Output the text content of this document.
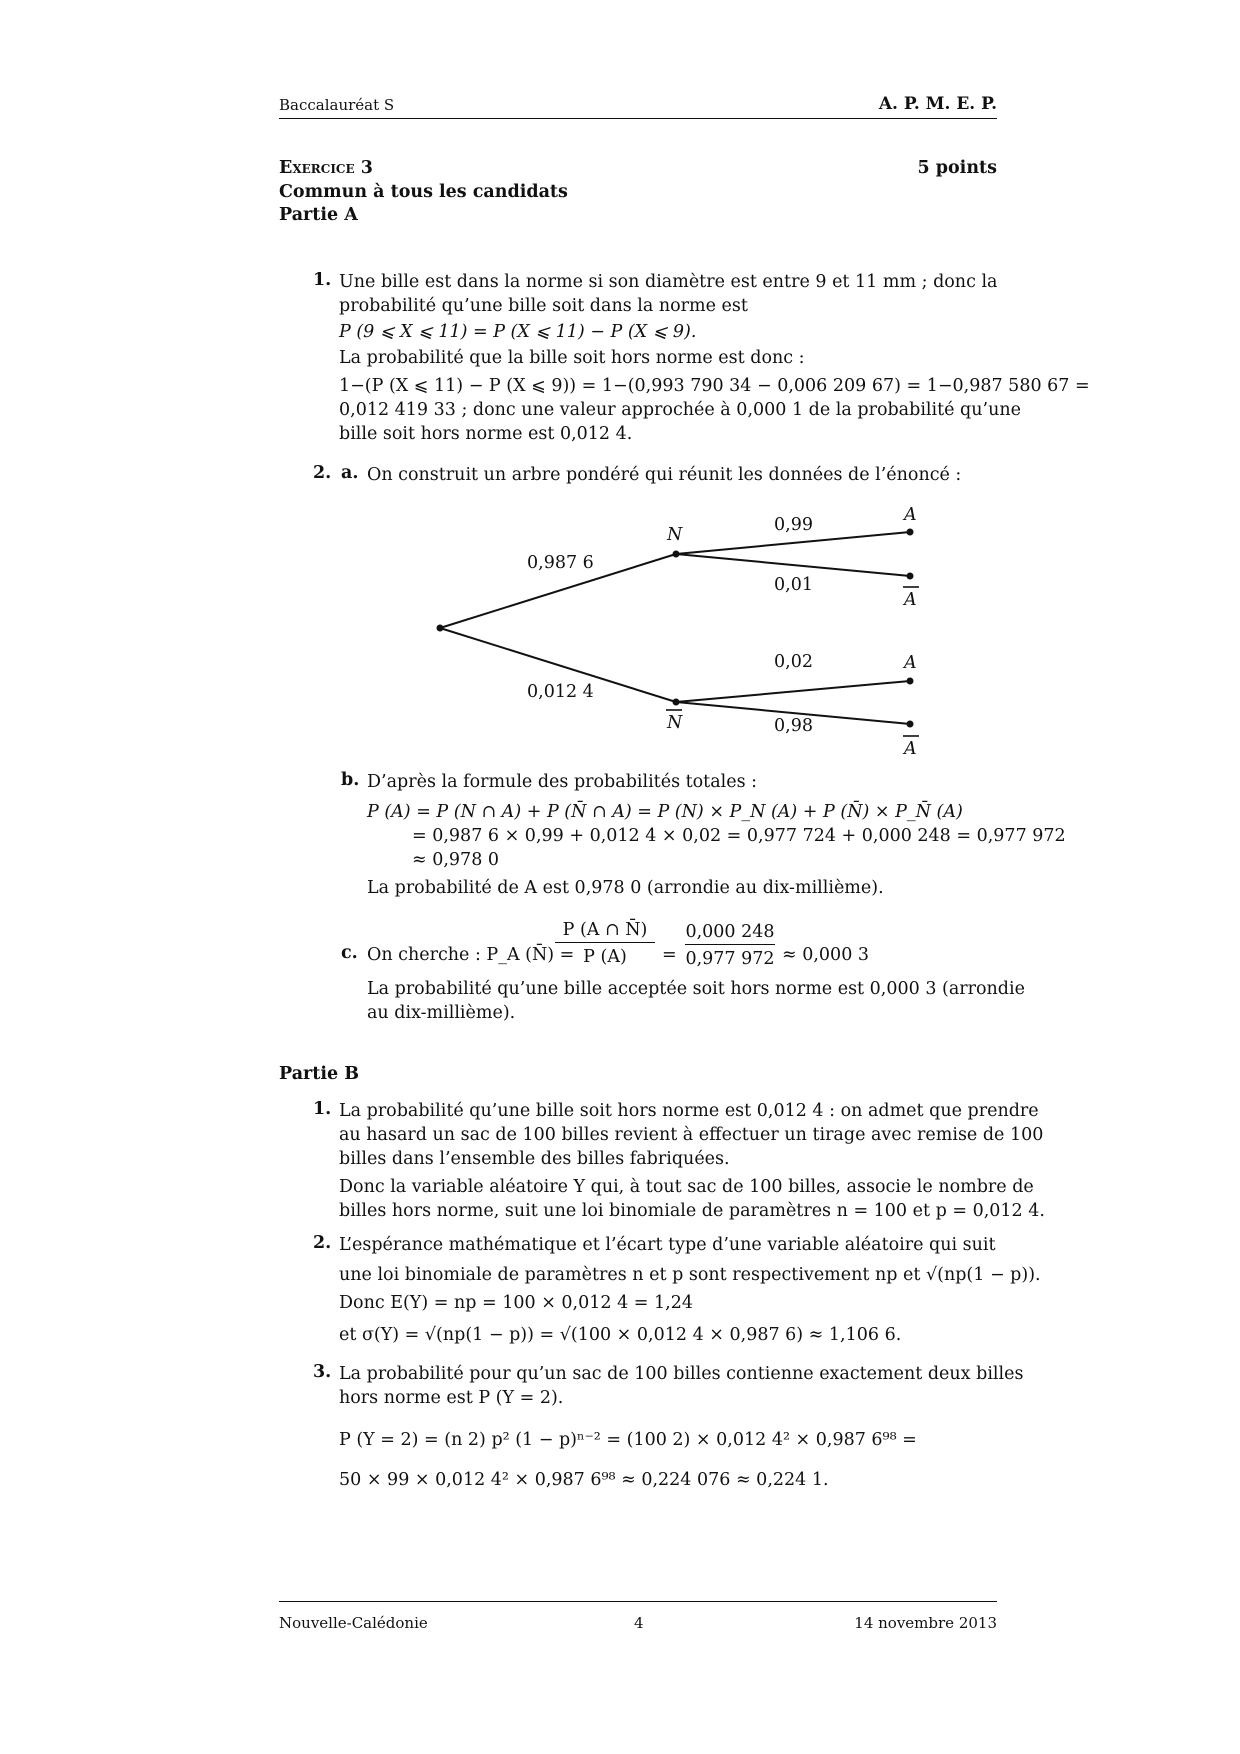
Baccalauréat S	A. P. M. E. P.
Exercice 3	5 points
Commun à tous les candidats
Partie A
1. Une bille est dans la norme si son diamètre est entre 9 et 11 mm ; donc la
probabilité qu’une bille soit dans la norme est
P (9 ⩽ X ⩽ 11) = P (X ⩽ 11) − P (X ⩽ 9).
La probabilité que la bille soit hors norme est donc :
1−(P (X ⩽ 11) − P (X ⩽ 9)) = 1−(0,993 790 34 − 0,006 209 67) = 1−0,987 580 67 =
0,012 419 33 ; donc une valeur approchée à 0,000 1 de la probabilité qu’une
bille soit hors norme est 0,012 4.
2. a. On construit un arbre pondéré qui réunit les données de l’énoncé :
0,987 6
0,012 4
0,99
0,01
0,02
0,98
N
N
A
A
A
A
b. D’après la formule des probabilités totales :
P (A) = P (N ∩ A) + P (N̄ ∩ A) = P (N) × P_N (A) + P (N̄) × P_N̄ (A)
= 0,987 6 × 0,99 + 0,012 4 × 0,02 = 0,977 724 + 0,000 248 = 0,977 972
≈ 0,978 0
La probabilité de A est 0,978 0 (arrondie au dix-millième).
c. On cherche : P_A (N̄) =
P (A ∩ N̄)
P (A)	=
0,000 248
0,977 972 ≈ 0,000 3
La probabilité qu’une bille acceptée soit hors norme est 0,000 3 (arrondie
au dix-millième).
Partie B
1. La probabilité qu’une bille soit hors norme est 0,012 4 : on admet que prendre
au hasard un sac de 100 billes revient à effectuer un tirage avec remise de 100
billes dans l’ensemble des billes fabriquées.
Donc la variable aléatoire Y qui, à tout sac de 100 billes, associe le nombre de
billes hors norme, suit une loi binomiale de paramètres n = 100 et p = 0,012 4.
2. L’espérance mathématique et l’écart type d’une variable aléatoire qui suit
une loi binomiale de paramètres n et p sont respectivement np et √(np(1 − p)).
Donc E(Y) = np = 100 × 0,012 4 = 1,24
et σ(Y) = √(np(1 − p)) = √(100 × 0,012 4 × 0,987 6) ≈ 1,106 6.
3. La probabilité pour qu’un sac de 100 billes contienne exactement deux billes
hors norme est P (Y = 2).
P (Y = 2) = (n 2) p² (1 − p)ⁿ⁻² = (100 2) × 0,012 4² × 0,987 6⁹⁸ =
50 × 99 × 0,012 4² × 0,987 6⁹⁸ ≈ 0,224 076 ≈ 0,224 1.
Nouvelle-Calédonie	4	14 novembre 2013
